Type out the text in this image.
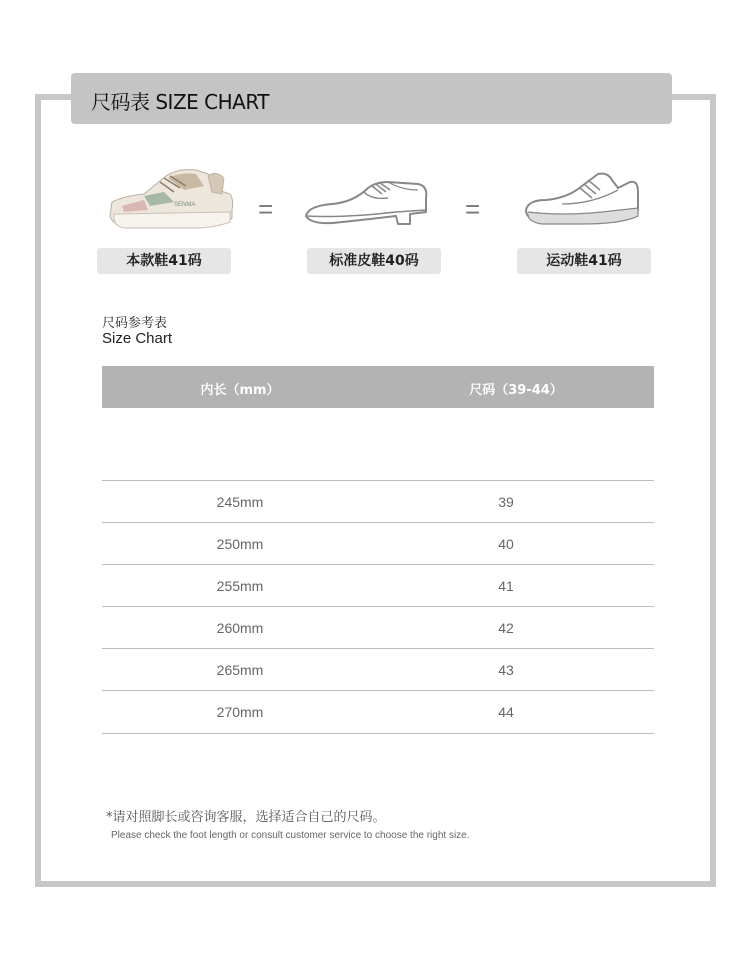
尺码表 SIZE CHART
SENMA =	=
本款鞋41码	标准皮鞋40码	运动鞋41码
尺码参考表
Size Chart
内长（mm）	尺码（39-44）
245mm	39
250mm	40
255mm	41
260mm	42
265mm	43
270mm	44
*请对照脚长或咨询客服，选择适合自己的尺码。
Please check the foot length or consult customer service to choose the right size.
